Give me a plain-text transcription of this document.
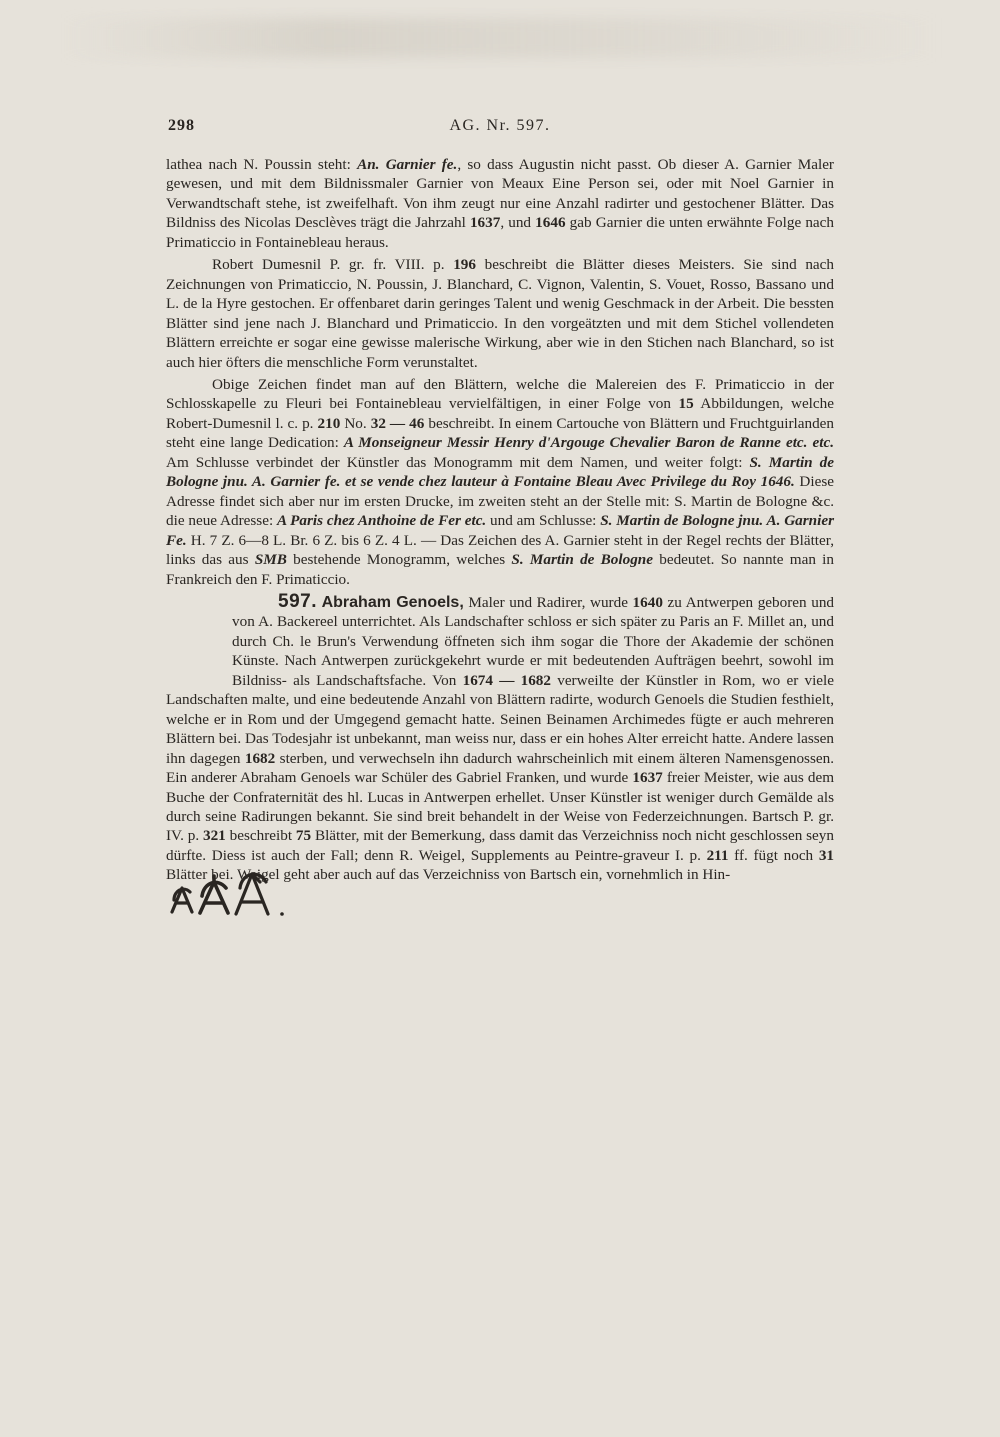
298	AG. Nr. 597.

lathea nach N. Poussin steht: An. Garnier fe., so dass Augustin nicht passt. Ob dieser A. Garnier Maler gewesen, und mit dem Bildnissmaler Garnier von Meaux Eine Person sei, oder mit Noel Garnier in Verwandtschaft stehe, ist zweifelhaft. Von ihm zeugt nur eine Anzahl radirter und gestochener Blätter. Das Bildniss des Nicolas Desclèves trägt die Jahrzahl 1637, und 1646 gab Garnier die unten erwähnte Folge nach Primaticcio in Fontainebleau heraus.

Robert Dumesnil P. gr. fr. VIII. p. 196 beschreibt die Blätter dieses Meisters. Sie sind nach Zeichnungen von Primaticcio, N. Poussin, J. Blanchard, C. Vignon, Valentin, S. Vouet, Rosso, Bassano und L. de la Hyre gestochen. Er offenbaret darin geringes Talent und wenig Geschmack in der Arbeit. Die bessten Blätter sind jene nach J. Blanchard und Primaticcio. In den vorgeätzten und mit dem Stichel vollendeten Blättern erreichte er sogar eine gewisse malerische Wirkung, aber wie in den Stichen nach Blanchard, so ist auch hier öfters die menschliche Form verunstaltet.

Obige Zeichen findet man auf den Blättern, welche die Malereien des F. Primaticcio in der Schlosskapelle zu Fleuri bei Fontainebleau vervielfältigen, in einer Folge von 15 Abbildungen, welche Robert-Dumesnil l. c. p. 210 No. 32 — 46 beschreibt. In einem Cartouche von Blättern und Fruchtguirlanden steht eine lange Dedication: A Monseigneur Messir Henry d'Argouge Chevalier Baron de Ranne etc. etc. Am Schlusse verbindet der Künstler das Monogramm mit dem Namen, und weiter folgt: S. Martin de Bologne jnu. A. Garnier fe. et se vende chez lauteur à Fontaine Bleau Avec Privilege du Roy 1646. Diese Adresse findet sich aber nur im ersten Drucke, im zweiten steht an der Stelle mit: S. Martin de Bologne &c. die neue Adresse: A Paris chez Anthoine de Fer etc. und am Schlusse: S. Martin de Bologne jnu. A. Garnier Fe. H. 7 Z. 6—8 L. Br. 6 Z. bis 6 Z. 4 L. — Das Zeichen des A. Garnier steht in der Regel rechts der Blätter, links das aus SMB bestehende Monogramm, welches S. Martin de Bologne bedeutet. So nannte man in Frankreich den F. Primaticcio.

597. Abraham Genoels, Maler und Radirer, wurde 1640 zu Antwerpen geboren und von A. Backereel unterrichtet. Als Landschafter schloss er sich später zu Paris an F. Millet an, und durch Ch. le Brun's Verwendung öffneten sich ihm sogar die Thore der Akademie der schönen Künste. Nach Antwerpen zurückgekehrt wurde er mit bedeutenden Aufträgen beehrt, sowohl im Bildniss- als Landschaftsfache. Von 1674 — 1682 verweilte der Künstler in Rom, wo er viele Landschaften malte, und eine bedeutende Anzahl von Blättern radirte, wodurch Genoels die Studien festhielt, welche er in Rom und der Umgegend gemacht hatte. Seinen Beinamen Archimedes fügte er auch mehreren Blättern bei. Das Todesjahr ist unbekannt, man weiss nur, dass er ein hohes Alter erreicht hatte. Andere lassen ihn dagegen 1682 sterben, und verwechseln ihn dadurch wahrscheinlich mit einem älteren Namensgenossen. Ein anderer Abraham Genoels war Schüler des Gabriel Franken, und wurde 1637 freier Meister, wie aus dem Buche der Confraternität des hl. Lucas in Antwerpen erhellet. Unser Künstler ist weniger durch Gemälde als durch seine Radirungen bekannt. Sie sind breit behandelt in der Weise von Federzeichnungen. Bartsch P. gr. IV. p. 321 beschreibt 75 Blätter, mit der Bemerkung, dass damit das Verzeichniss noch nicht geschlossen seyn dürfte. Diess ist auch der Fall; denn R. Weigel, Supplements au Peintre-graveur I. p. 211 ff. fügt noch 31 Blätter bei. Weigel geht aber auch auf das Verzeichniss von Bartsch ein, vornehmlich in Hin-
